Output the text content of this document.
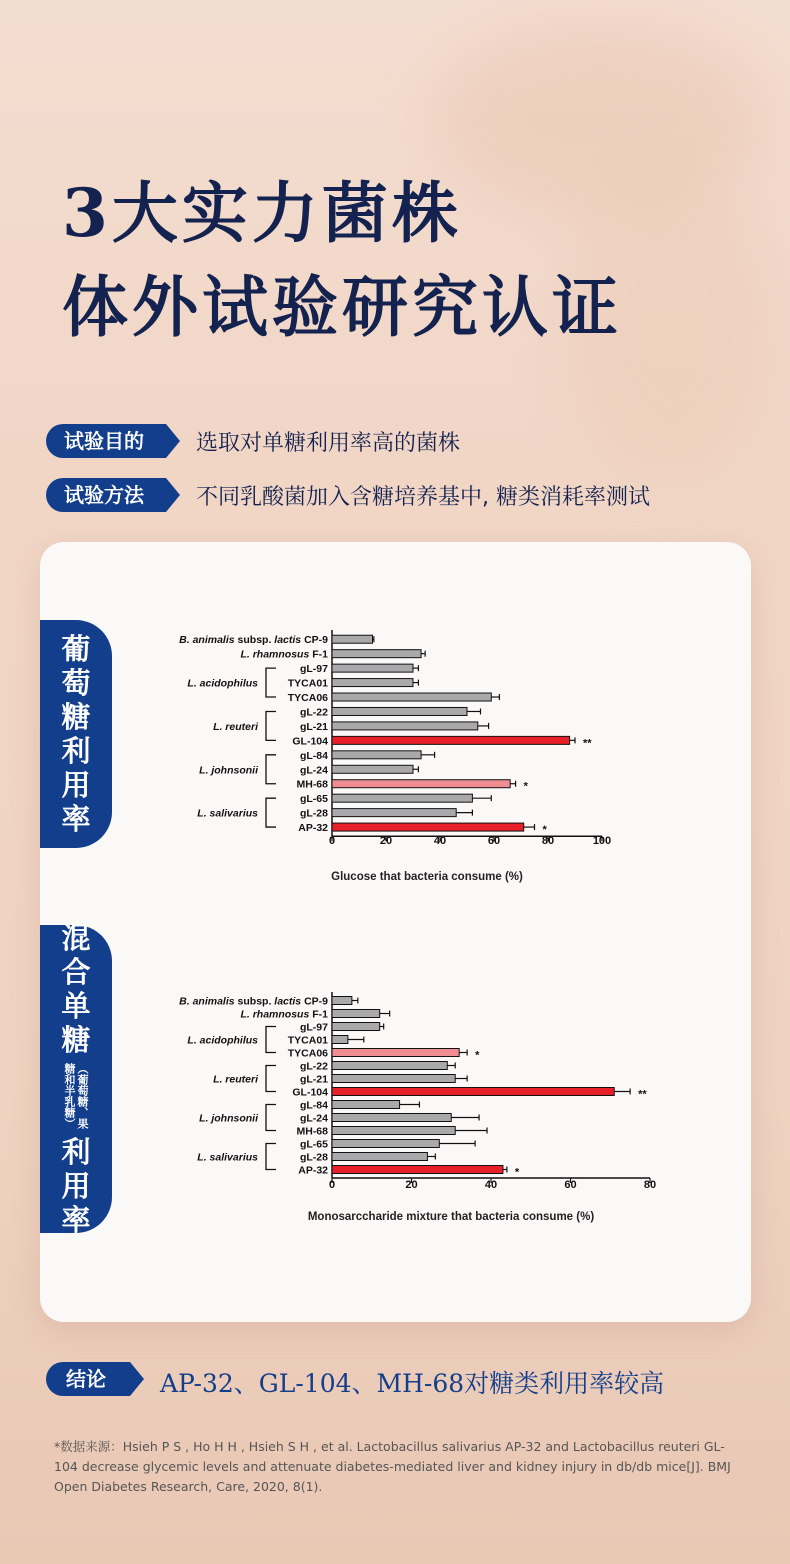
3大实力菌株
体外试验研究认证
试验目的	选取对单糖利用率高的菌株
试验方法	不同乳酸菌加入含糖培养基中, 糖类消耗率测试
葡
萄
糖
利
用
率
混
合
单
糖
（葡萄糖、果
糖和半乳糖）
利
用
率
0	20	40	60	80	100
Glucose that bacteria consume (%)
B. animalis subsp. lactis CP-9
L. rhamnosus F-1
gL-97
TYCA01
TYCA06
gL-22
gL-21
**
GL-104
gL-84
gL-24
*
MH-68
gL-65
gL-28
*
AP-32
L. acidophilus
L. reuteri
L. johnsonii
L. salivarius
0	20	40	60	80
Monosarccharide mixture that bacteria consume (%)
B. animalis subsp. lactis CP-9
L. rhamnosus F-1
gL-97
TYCA01
*
TYCA06
gL-22
gL-21
**
GL-104
gL-84
gL-24
MH-68
gL-65
gL-28
*
AP-32
L. acidophilus
L. reuteri
L. johnsonii
L. salivarius
结论	AP-32、GL-104、MH-68对糖类利用率较高
*数据来源：Hsieh P S , Ho H H , Hsieh S H , et al. Lactobacillus salivarius AP-32 and Lactobacillus reuteri GL-104 decrease glycemic levels and attenuate diabetes-mediated liver and kidney injury in db/db mice[J]. BMJ Open Diabetes Research, Care, 2020, 8(1).
